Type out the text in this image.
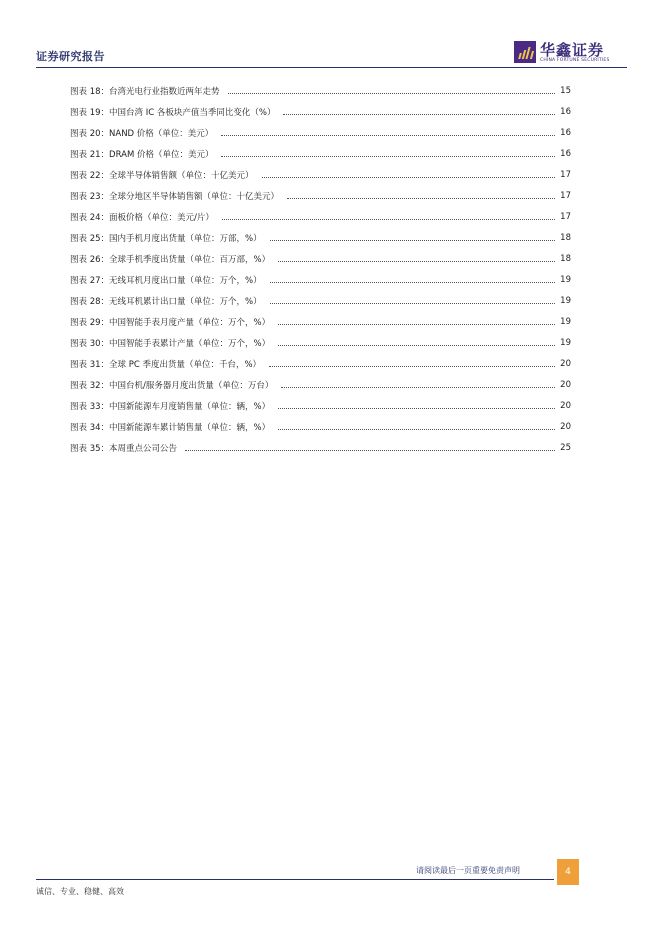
证券研究报告	华鑫证券
CHINA FORTUNE SECURITIES
图表 18：台湾光电行业指数近两年走势	15
图表 19：中国台湾 IC 各板块产值当季同比变化（%）	16
图表 20：NAND 价格（单位：美元）	16
图表 21：DRAM 价格（单位：美元）	16
图表 22：全球半导体销售额（单位：十亿美元）	17
图表 23：全球分地区半导体销售额（单位：十亿美元）	17
图表 24：面板价格（单位：美元/片）	17
图表 25：国内手机月度出货量（单位：万部，%）	18
图表 26：全球手机季度出货量（单位：百万部，%）	18
图表 27：无线耳机月度出口量（单位：万个，%）	19
图表 28：无线耳机累计出口量（单位：万个，%）	19
图表 29：中国智能手表月度产量（单位：万个，%）	19
图表 30：中国智能手表累计产量（单位：万个，%）	19
图表 31：全球 PC 季度出货量（单位：千台，%）	20
图表 32：中国台机/服务器月度出货量（单位：万台）	20
图表 33：中国新能源车月度销售量（单位：辆，%）	20
图表 34：中国新能源车累计销售量（单位：辆，%）	20
图表 35：本周重点公司公告	25
请阅读最后一页重要免责声明	4
诚信、专业、稳健、高效
